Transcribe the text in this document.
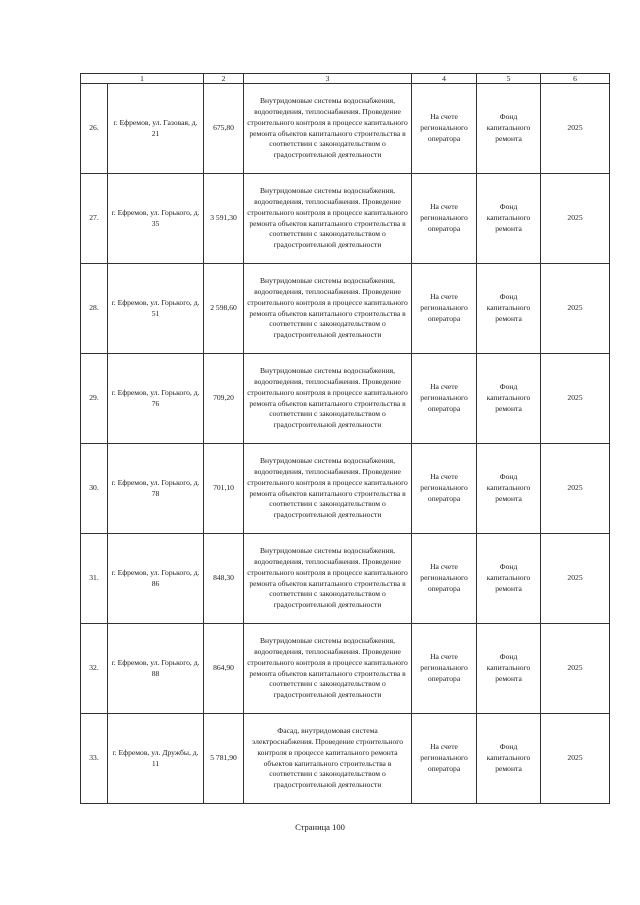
1		2	3	4	5	6
26.	г. Ефремов, ул. Газовая, д. 21	675,80	Внутридомовые системы водоснабжения, водоотведения, теплоснабжения. Проведение строительного контроля в процессе капитального ремонта объектов капитального строительства в соответствии с законодательством о градостроительной деятельности	На счете регионального оператора	Фонд капитального ремонта	2025
27.	г. Ефремов, ул. Горького, д. 35	3 591,30	Внутридомовые системы водоснабжения, водоотведения, теплоснабжения. Проведение строительного контроля в процессе капитального ремонта объектов капитального строительства в соответствии с законодательством о градостроительной деятельности	На счете регионального оператора	Фонд капитального ремонта	2025
28.	г. Ефремов, ул. Горького, д. 51	2 598,60	Внутридомовые системы водоснабжения, водоотведения, теплоснабжения. Проведение строительного контроля в процессе капитального ремонта объектов капитального строительства в соответствии с законодательством о градостроительной деятельности	На счете регионального оператора	Фонд капитального ремонта	2025
29.	г. Ефремов, ул. Горького, д. 76	709,20	Внутридомовые системы водоснабжения, водоотведения, теплоснабжения. Проведение строительного контроля в процессе капитального ремонта объектов капитального строительства в соответствии с законодательством о градостроительной деятельности	На счете регионального оператора	Фонд капитального ремонта	2025
30.	г. Ефремов, ул. Горького, д. 78	701,10	Внутридомовые системы водоснабжения, водоотведения, теплоснабжения. Проведение строительного контроля в процессе капитального ремонта объектов капитального строительства в соответствии с законодательством о градостроительной деятельности	На счете регионального оператора	Фонд капитального ремонта	2025
31.	г. Ефремов, ул. Горького, д. 86	848,30	Внутридомовые системы водоснабжения, водоотведения, теплоснабжения. Проведение строительного контроля в процессе капитального ремонта объектов капитального строительства в соответствии с законодательством о градостроительной деятельности	На счете регионального оператора	Фонд капитального ремонта	2025
32.	г. Ефремов, ул. Горького, д. 88	864,90	Внутридомовые системы водоснабжения, водоотведения, теплоснабжения. Проведение строительного контроля в процессе капитального ремонта объектов капитального строительства в соответствии с законодательством о градостроительной деятельности	На счете регионального оператора	Фонд капитального ремонта	2025
33.	г. Ефремов, ул. Дружбы, д. 11	5 781,90	Фасад, внутридомовая система электроснабжения. Проведение строительного контроля в процессе капитального ремонта объектов капитального строительства в соответствии с законодательством о градостроительной деятельности	На счете регионального оператора	Фонд капитального ремонта	2025
Страница 100
